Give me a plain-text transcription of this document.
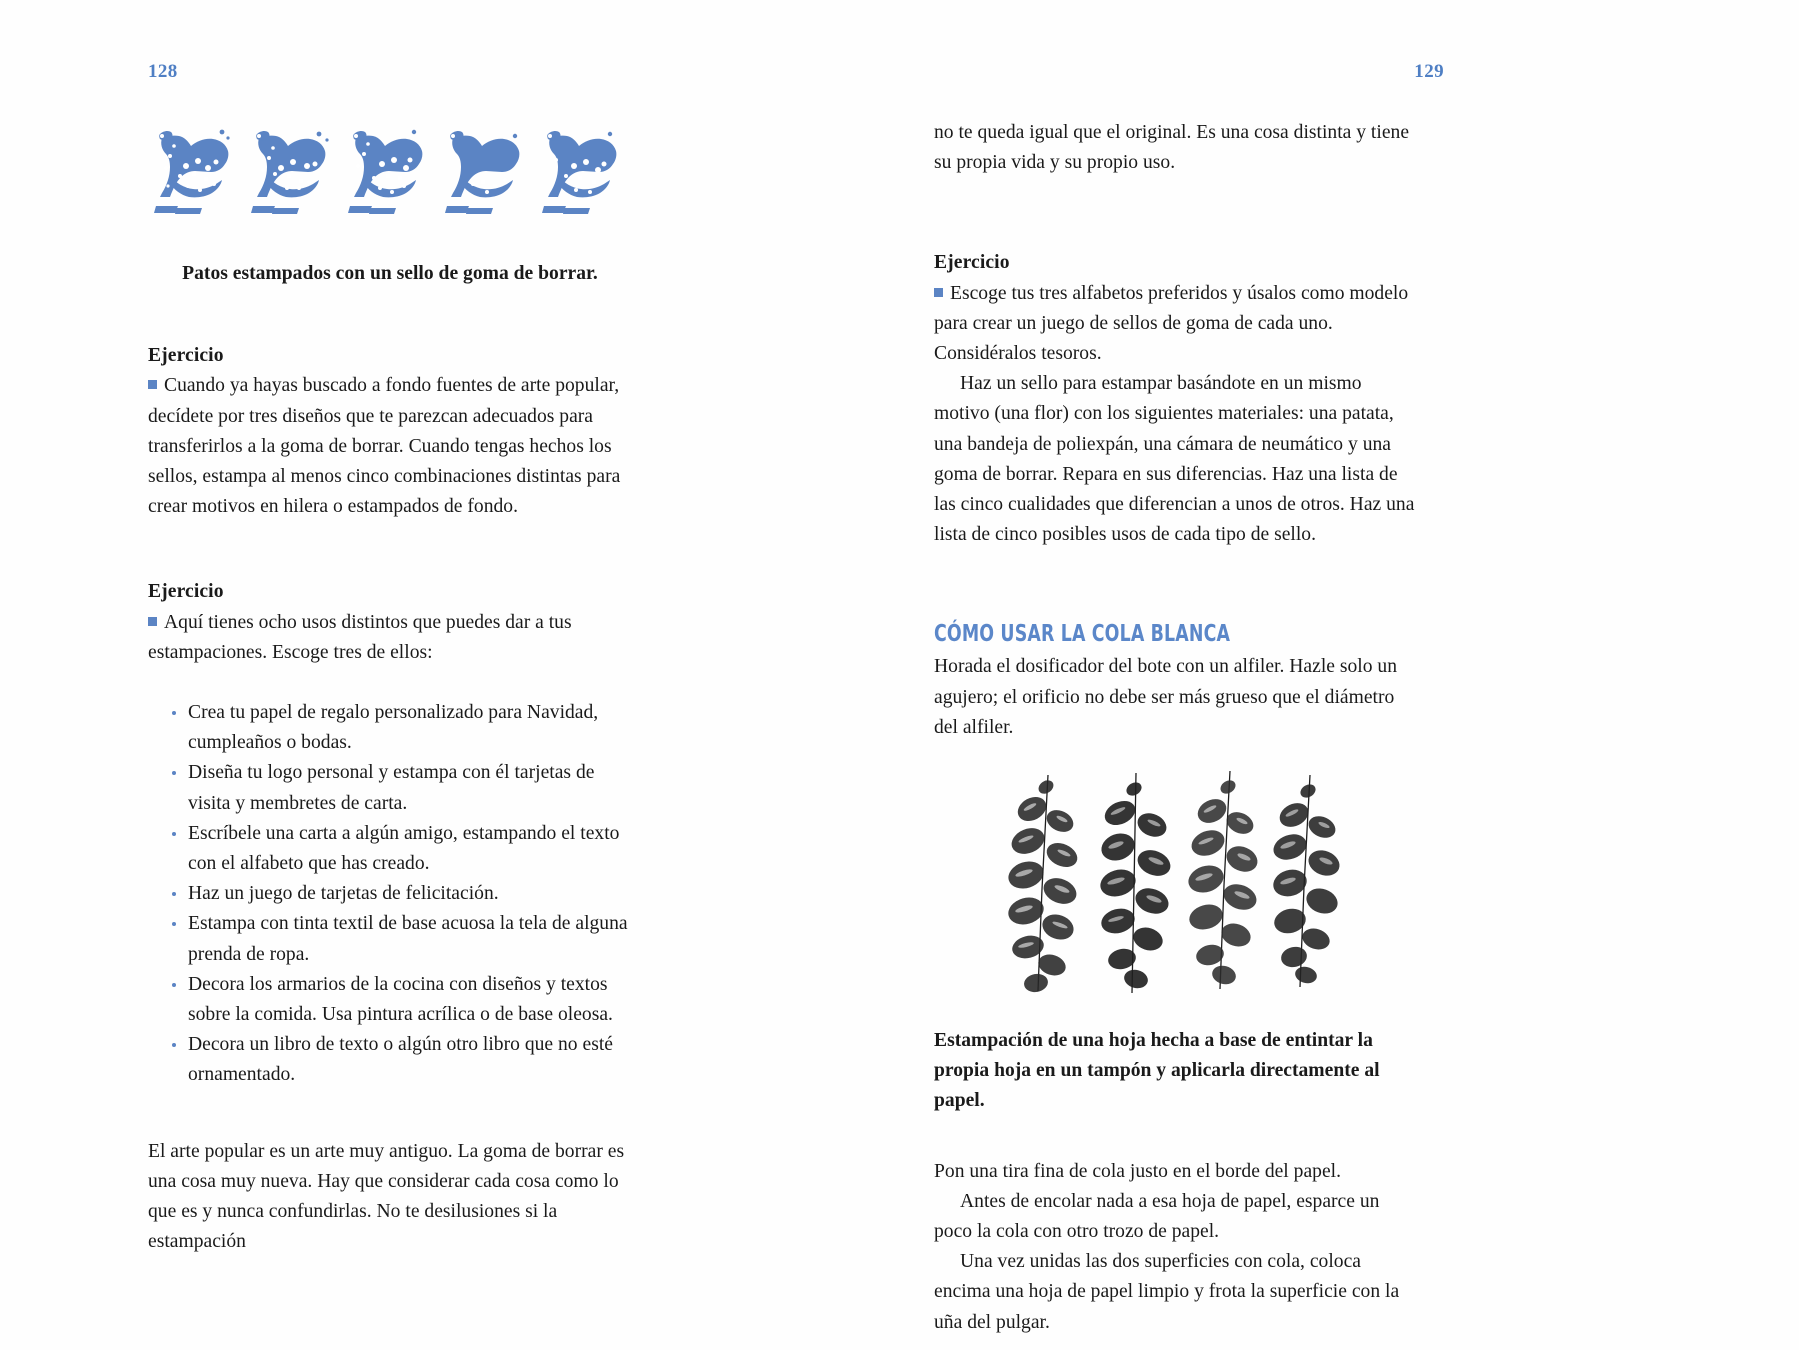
128

Patos estampados con un sello de goma de borrar.

Ejercicio

Cuando ya hayas buscado a fondo fuentes de arte popular, decídete por tres diseños que te parezcan adecuados para transferirlos a la goma de borrar. Cuando tengas hechos los sellos, estampa al menos cinco combinaciones distintas para crear motivos en hilera o estampados de fondo.

Ejercicio

Aquí tienes ocho usos distintos que puedes dar a tus estampaciones. Escoge tres de ellos:

Crea tu papel de regalo personalizado para Navidad, cumpleaños o bodas.
Diseña tu logo personal y estampa con él tarjetas de visita y membretes de carta.
Escríbele una carta a algún amigo, estampando el texto con el alfabeto que has creado.
Haz un juego de tarjetas de felicitación.
Estampa con tinta textil de base acuosa la tela de alguna prenda de ropa.
Decora los armarios de la cocina con diseños y textos sobre la comida. Usa pintura acrílica o de base oleosa.
Decora un libro de texto o algún otro libro que no esté ornamentado.

El arte popular es un arte muy antiguo. La goma de borrar es una cosa muy nueva. Hay que considerar cada cosa como lo que es y nunca confundirlas. No te desilusiones si la estampación

129

no te queda igual que el original. Es una cosa distinta y tiene su propia vida y su propio uso.

Ejercicio

Escoge tus tres alfabetos preferidos y úsalos como modelo para crear un juego de sellos de goma de cada uno. Considéralos tesoros.

Haz un sello para estampar basándote en un mismo motivo (una flor) con los siguientes materiales: una patata, una bandeja de poliexpán, una cámara de neumático y una goma de borrar. Repara en sus diferencias. Haz una lista de las cinco cualidades que diferencian a unos de otros. Haz una lista de cinco posibles usos de cada tipo de sello.

CÓMO USAR LA COLA BLANCA

Horada el dosificador del bote con un alfiler. Hazle solo un agujero; el orificio no debe ser más grueso que el diámetro del alfiler.

Estampación de una hoja hecha a base de entintar la propia hoja en un tampón y aplicarla directamente al papel.

Pon una tira fina de cola justo en el borde del papel.

Antes de encolar nada a esa hoja de papel, esparce un poco la cola con otro trozo de papel.

Una vez unidas las dos superficies con cola, coloca encima una hoja de papel limpio y frota la superficie con la uña del pulgar.
